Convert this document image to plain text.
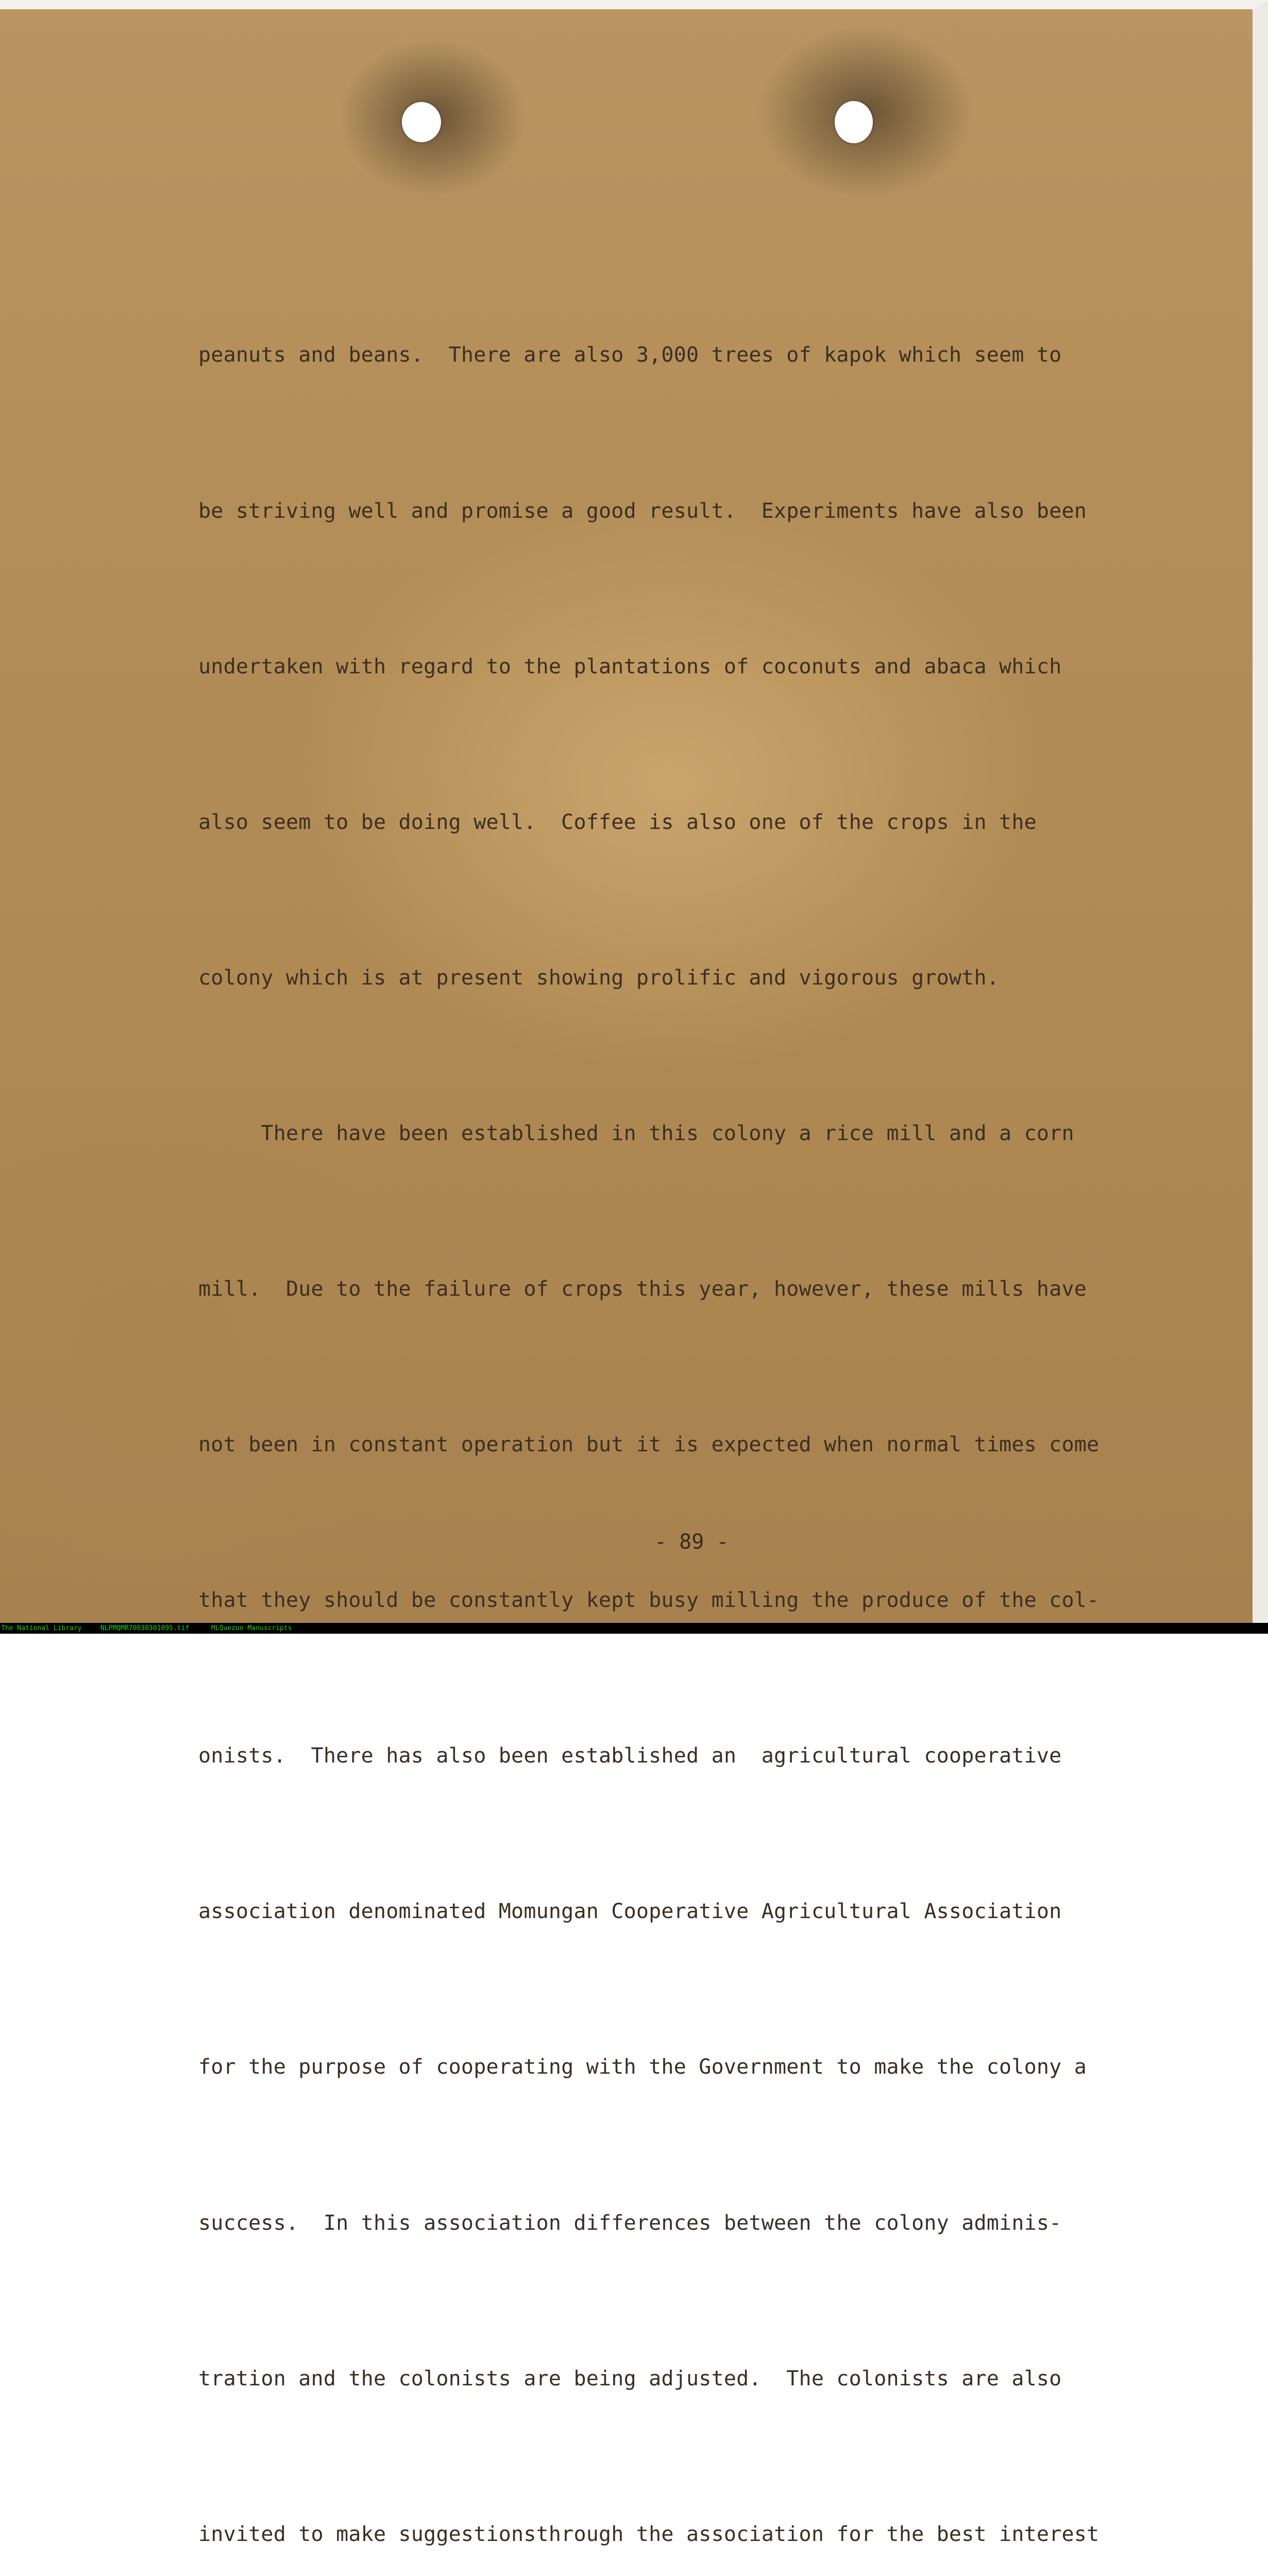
peanuts and beans.  There are also 3,000 trees of kapok which seem to

be striving well and promise a good result.  Experiments have also been

undertaken with regard to the plantations of coconuts and abaca which

also seem to be doing well.  Coffee is also one of the crops in the

colony which is at present showing prolific and vigorous growth.

There have been established in this colony a rice mill and a corn

mill.  Due to the failure of crops this year, however, these mills have

not been in constant operation but it is expected when normal times come

that they should be constantly kept busy milling the produce of the col-

onists.  There has also been established an  agricultural cooperative

association denominated Momungan Cooperative Agricultural Association

for the purpose of cooperating with the Government to make the colony a

success.  In this association differences between the colony adminis-

tration and the colonists are being adjusted.  The colonists are also

invited to make suggestionsthrough the association for the best interest

- 89 -

The National Library

	NLPMQMR70030301095.tif

	MLQuezon Manuscripts
